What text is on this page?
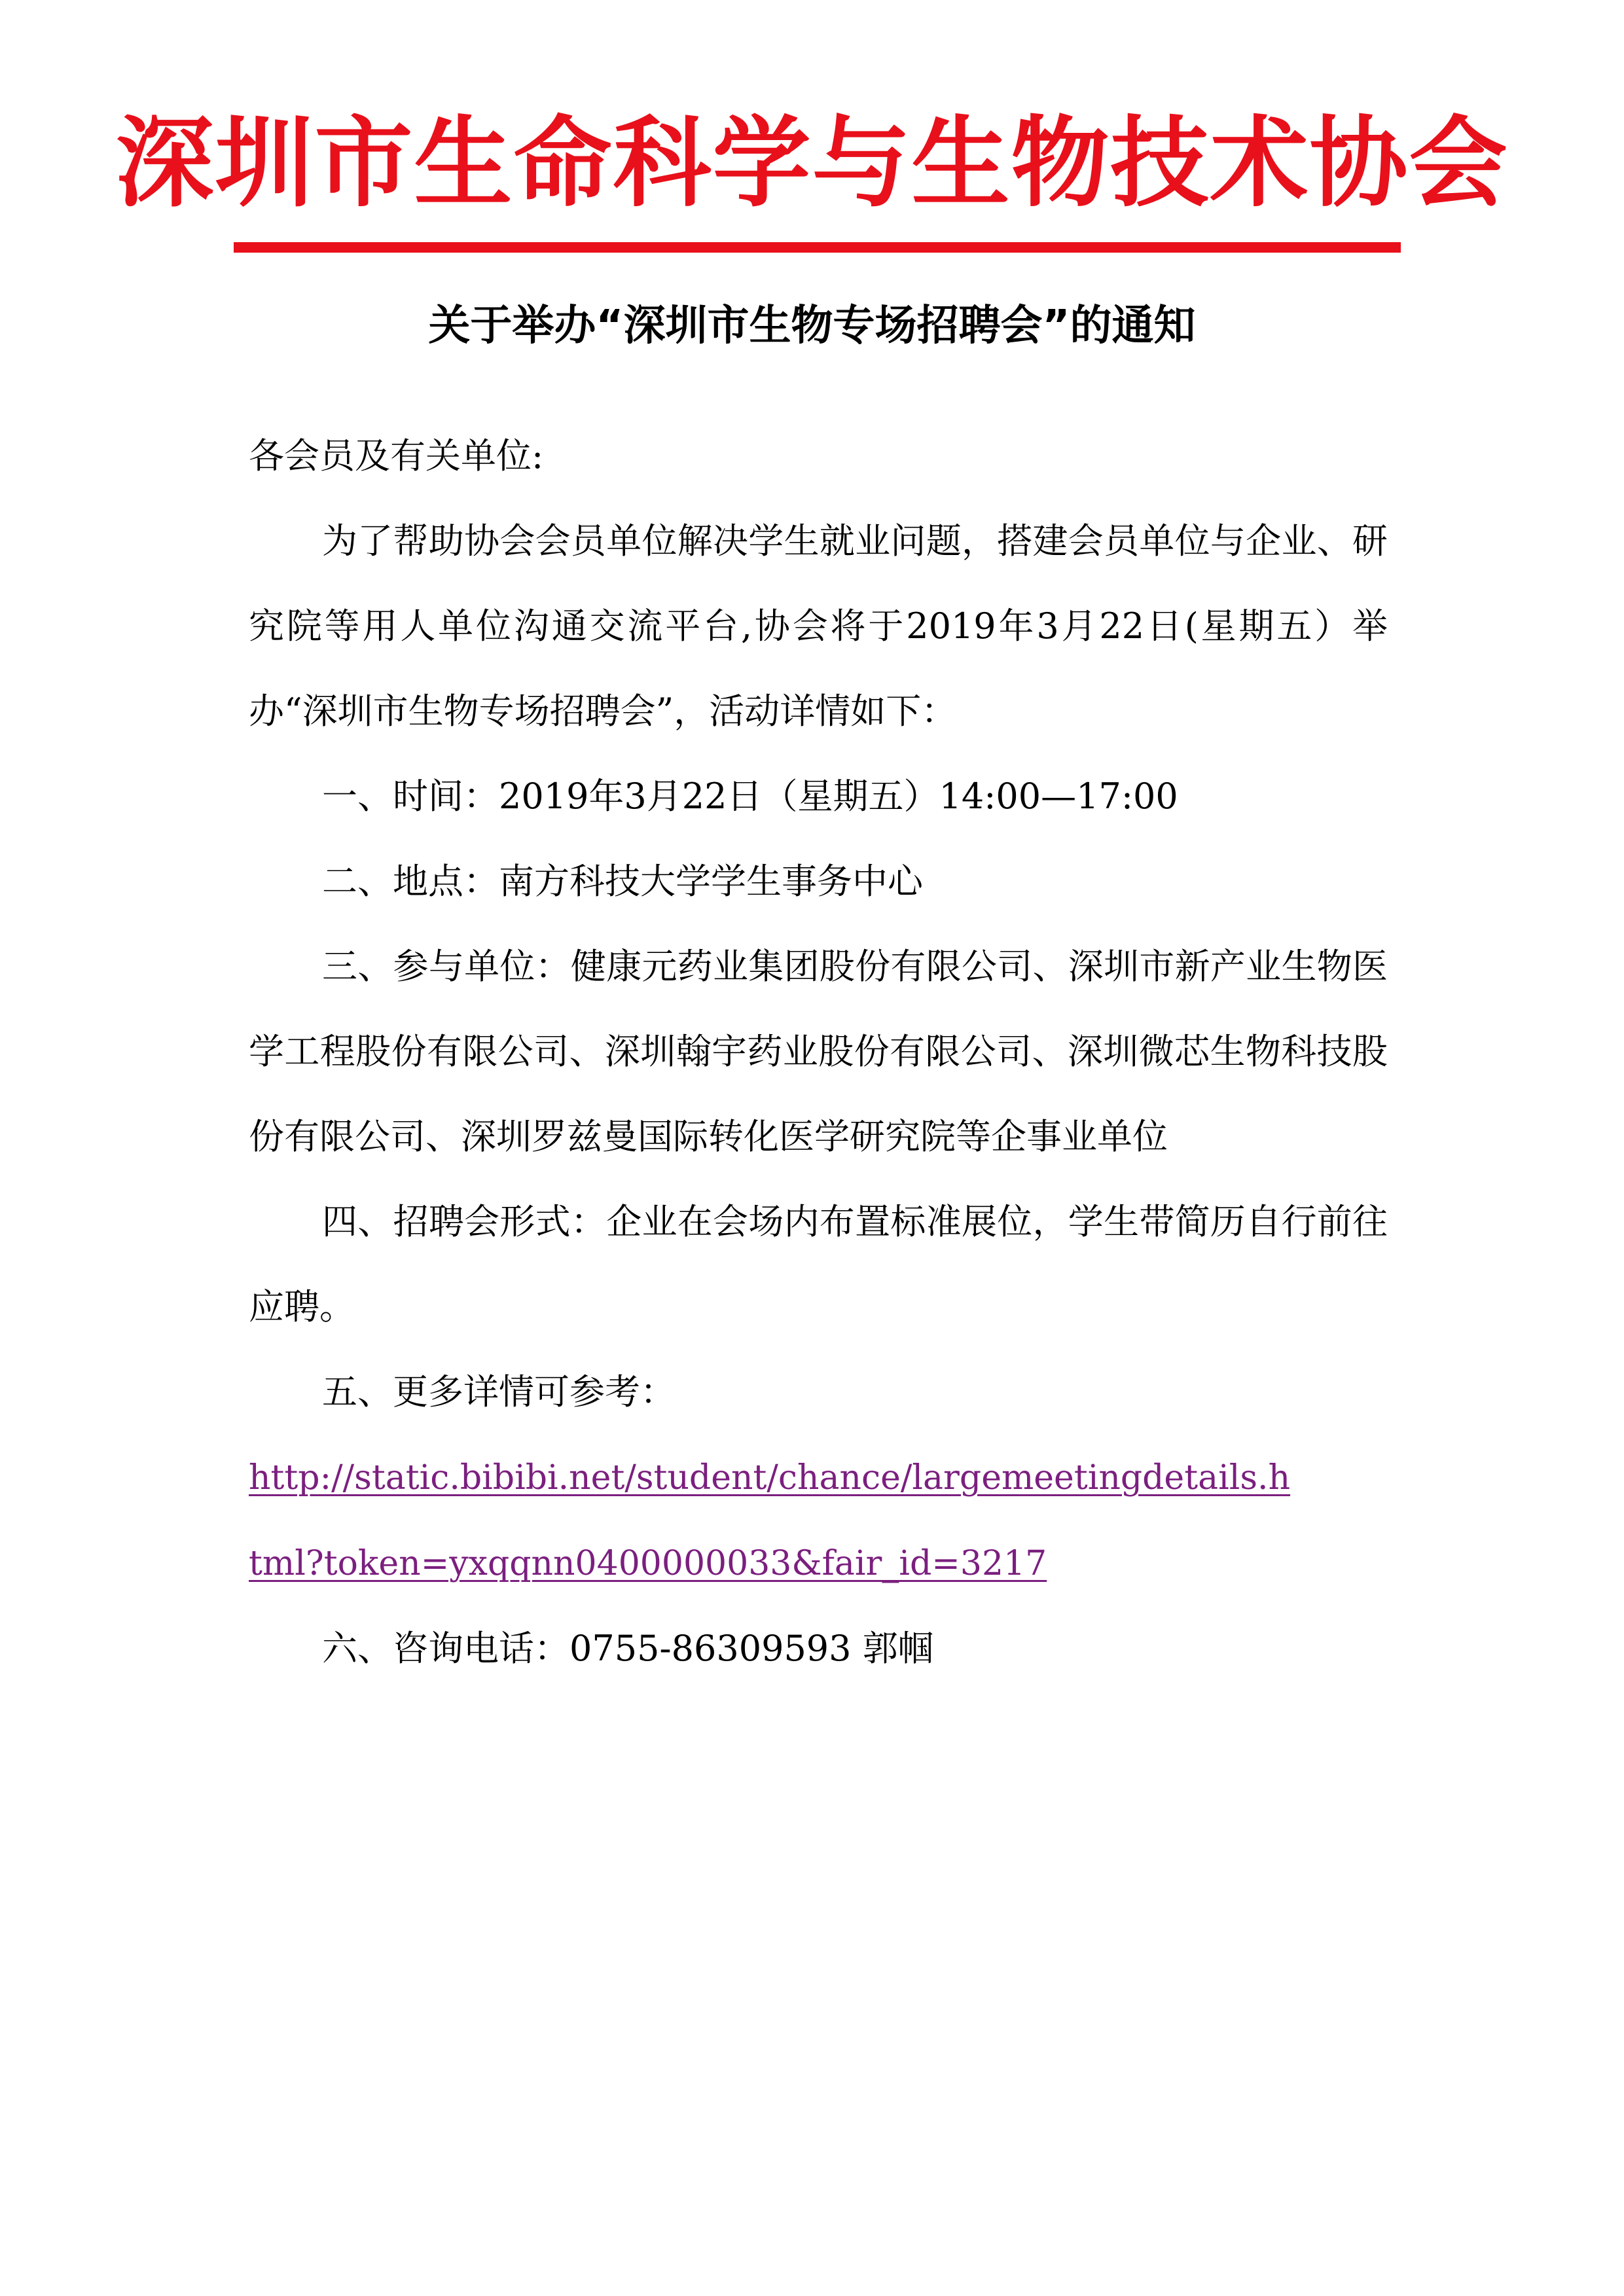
深圳市生命科学与生物技术协会
关于举办“深圳市生物专场招聘会”的通知

各会员及有关单位:

为了帮助协会会员单位解决学生就业问题，搭建会员单位与企业、研究院等用人单位沟通交流平台,协会将于2019年3月22日(星期五）举办“深圳市生物专场招聘会”，活动详情如下：

一、时间：2019年3月22日（星期五）14:00—17:00

二、地点：南方科技大学学生事务中心

三、参与单位：健康元药业集团股份有限公司、深圳市新产业生物医学工程股份有限公司、深圳翰宇药业股份有限公司、深圳微芯生物科技股份有限公司、深圳罗兹曼国际转化医学研究院等企事业单位

四、招聘会形式：企业在会场内布置标准展位，学生带简历自行前往应聘。

五、更多详情可参考：

http://static.bibibi.net/student/chance/largemeetingdetails.h

tml?token=yxqqnn0400000033&fair_id=3217

六、咨询电话：0755-86309593 郭帼
